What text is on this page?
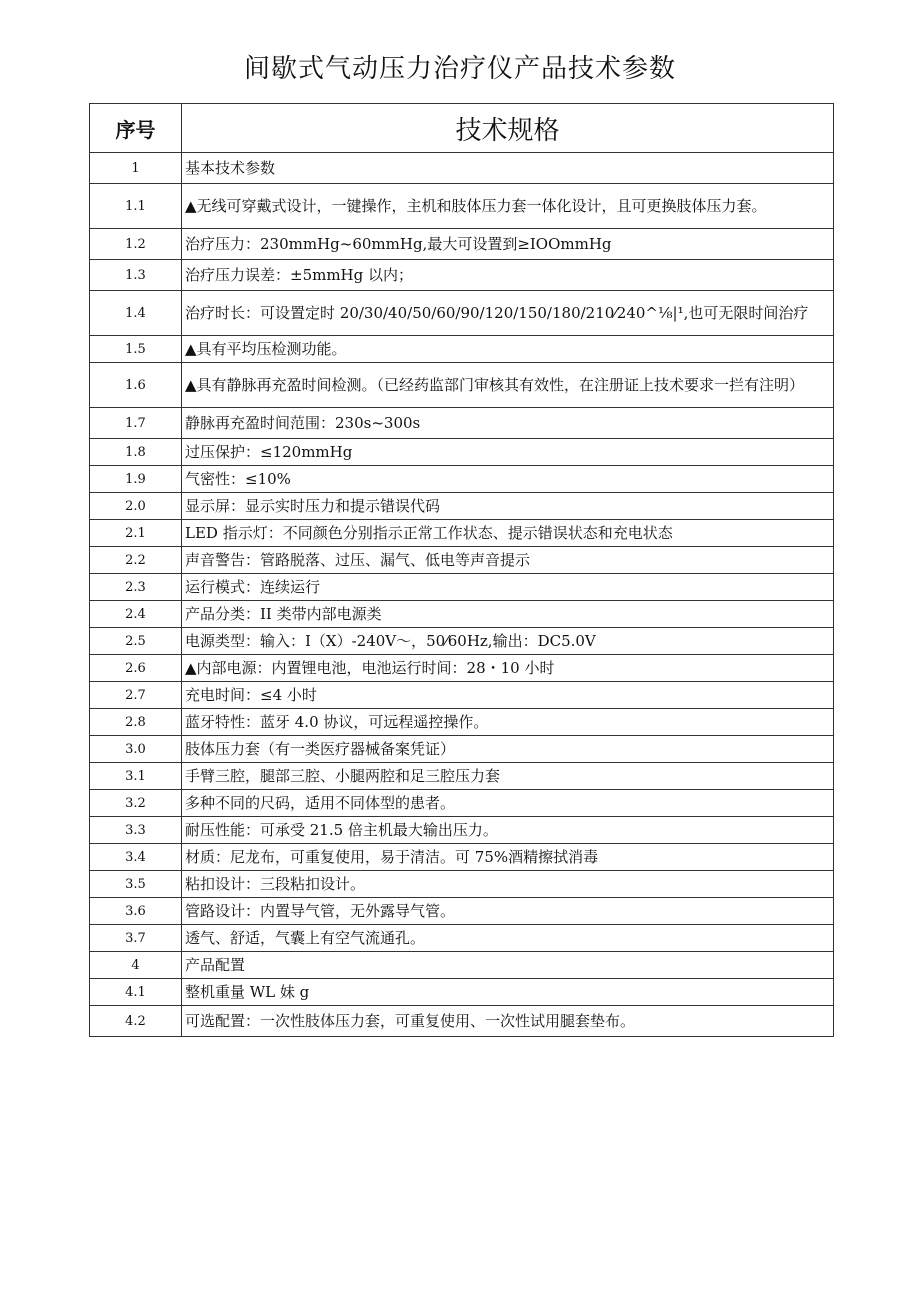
间歇式气动压力治疗仪产品技术参数
序号	技术规格
1	基本技术参数
1.1	▲无线可穿戴式设计，一键操作，主机和肢体压力套一体化设计，且可更换肢体压力套。
1.2	治疗压力：230mmHg~60mmHg,最大可设置到≥IOOmmHg
1.3	治疗压力误差：±5mmHg 以内；
1.4	治疗时长：可设置定时 20/30/40/50/60/90/120/150/180/210⁄240^⅛|¹,也可无限时间治疗
1.5	▲具有平均压检测功能。
1.6	▲具有静脉再充盈时间检测。（已经药监部门审核其有效性，在注册证上技术要求一拦有注明）
1.7	静脉再充盈时间范围：230s~300s
1.8	过压保护：≤120mmHg
1.9	气密性：≤10%
2.0	显示屏：显示实时压力和提示错误代码
2.1	LED 指示灯：不同颜色分别指示正常工作状态、提示错误状态和充电状态
2.2	声音警告：管路脱落、过压、漏气、低电等声音提示
2.3	运行模式：连续运行
2.4	产品分类：II 类带内部电源类
2.5	电源类型：输入：I（X）-240V～，50⁄60Hz,输出：DC5.0V
2.6	▲内部电源：内置锂电池，电池运行时间：28・10 小时
2.7	充电时间：≤4 小时
2.8	蓝牙特性：蓝牙 4.0 协议，可远程遥控操作。
3.0	肢体压力套（有一类医疗器械备案凭证）
3.1	手臂三腔，腿部三腔、小腿两腔和足三腔压力套
3.2	多种不同的尺码，适用不同体型的患者。
3.3	耐压性能：可承受 21.5 倍主机最大输出压力。
3.4	材质：尼龙布，可重复使用，易于清洁。可 75%酒精擦拭消毒
3.5	粘扣设计：三段粘扣设计。
3.6	管路设计：内置导气管，无外露导气管。
3.7	透气、舒适，气囊上有空气流通孔。
4	产品配置
4.1	整机重量 WL 妹 g
4.2	可选配置：一次性肢体压力套，可重复使用、一次性试用腿套垫布。
